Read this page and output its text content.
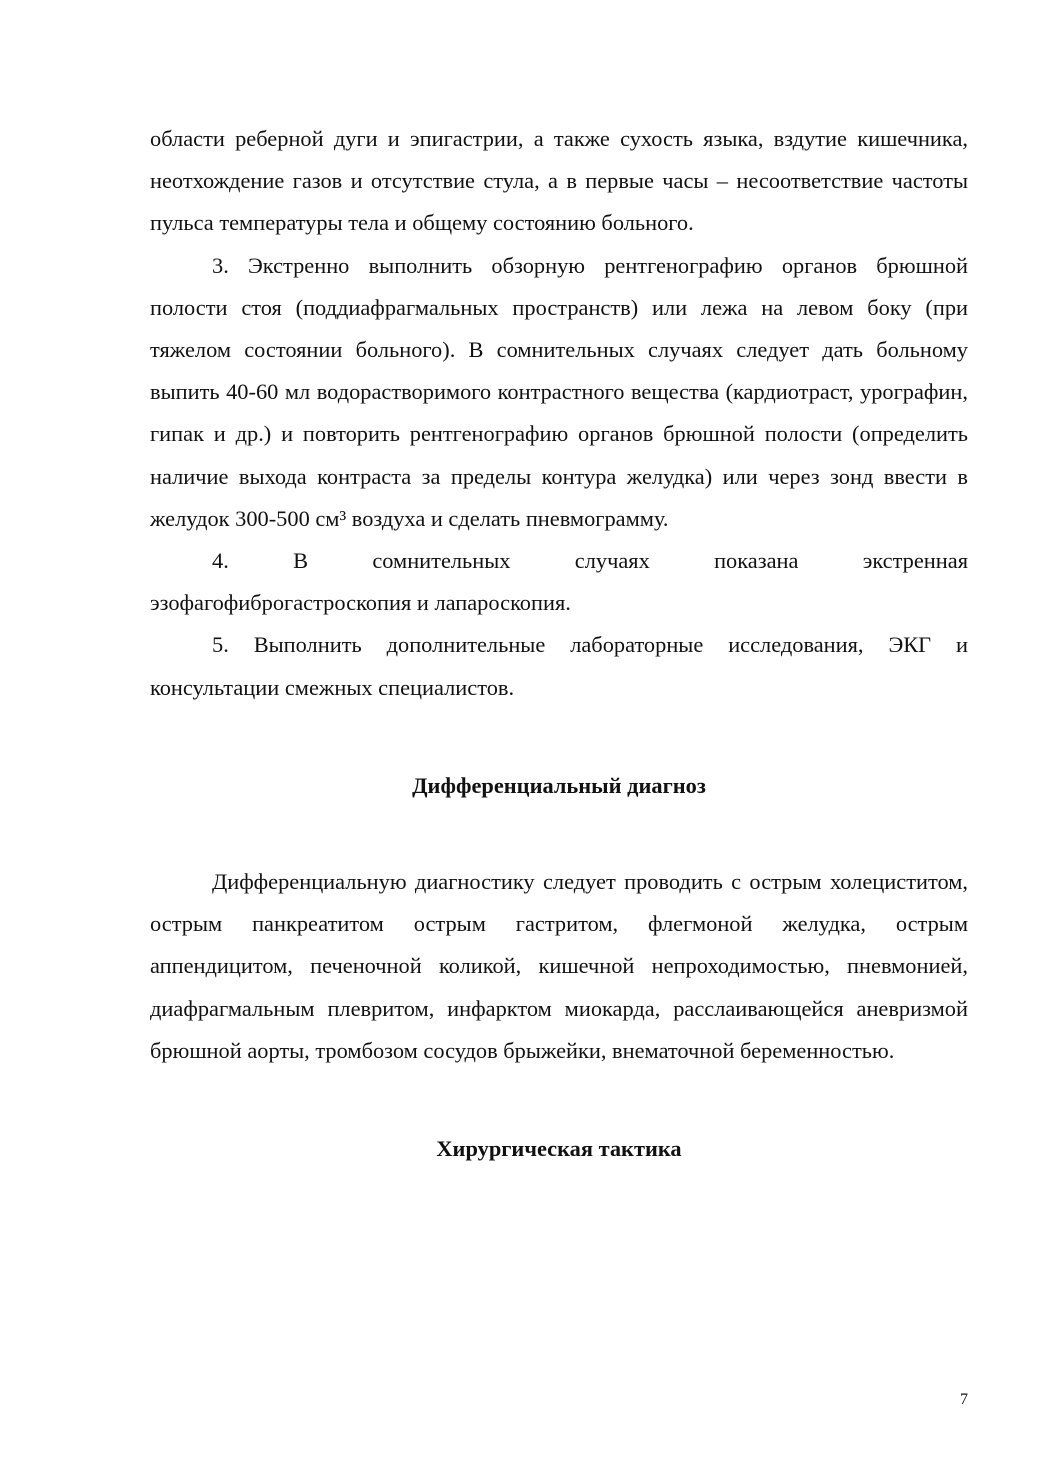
области реберной дуги и эпигастрии, а также сухость языка, вздутие кишечника, неотхождение газов и отсутствие стула, а в первые часы – несоответствие частоты пульса температуры тела и общему состоянию больного.

3. Экстренно выполнить обзорную рентгенографию органов брюшной полости стоя (поддиафрагмальных пространств) или лежа на левом боку (при тяжелом состоянии больного). В сомнительных случаях следует дать больному выпить 40-60 мл водорастворимого контрастного вещества (кардиотраст, урографин, гипак и др.) и повторить рентгенографию органов брюшной полости (определить наличие выхода контраста за пределы контура желудка) или через зонд ввести в желудок 300-500 см³ воздуха и сделать пневмограмму.

4. В сомнительных случаях показана экстренная

эзофагофиброгастроскопия и лапароскопия.

5. Выполнить дополнительные лабораторные исследования, ЭКГ и консультации смежных специалистов.

Дифференциальный диагноз

Дифференциальную диагностику следует проводить с острым холециститом, острым панкреатитом острым гастритом, флегмоной желудка, острым аппендицитом, печеночной коликой, кишечной непроходимостью, пневмонией, диафрагмальным плевритом, инфарктом миокарда, расслаивающейся аневризмой брюшной аорты, тромбозом сосудов брыжейки, внематочной беременностью.

Хирургическая тактика
7
